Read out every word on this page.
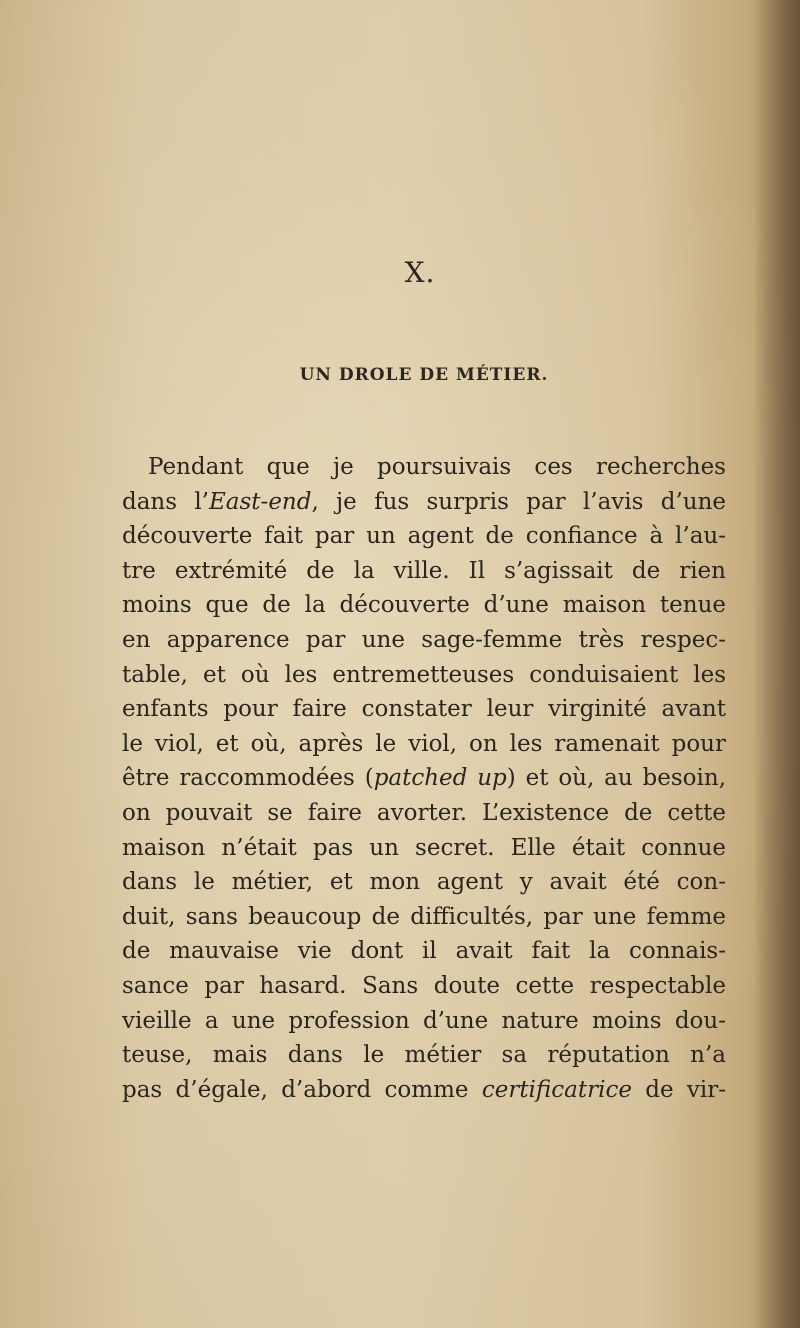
X.
UN DROLE DE MÉTIER.
Pendant que je poursuivais ces recherches
dans l’East-end, je fus surpris par l’avis d’une
découverte fait par un agent de confiance à l’au-
tre extrémité de la ville. Il s’agissait de rien
moins que de la découverte d’une maison tenue
en apparence par une sage-femme très respec-
table, et où les entremetteuses conduisaient les
enfants pour faire constater leur virginité avant
le viol, et où, après le viol, on les ramenait pour
être raccommodées (patched up) et où, au besoin,
on pouvait se faire avorter. L’existence de cette
maison n’était pas un secret. Elle était connue
dans le métier, et mon agent y avait été con-
duit, sans beaucoup de difficultés, par une femme
de mauvaise vie dont il avait fait la connais-
sance par hasard. Sans doute cette respectable
vieille a une profession d’une nature moins dou-
teuse, mais dans le métier sa réputation n’a
pas d’égale, d’abord comme certificatrice de vir-
